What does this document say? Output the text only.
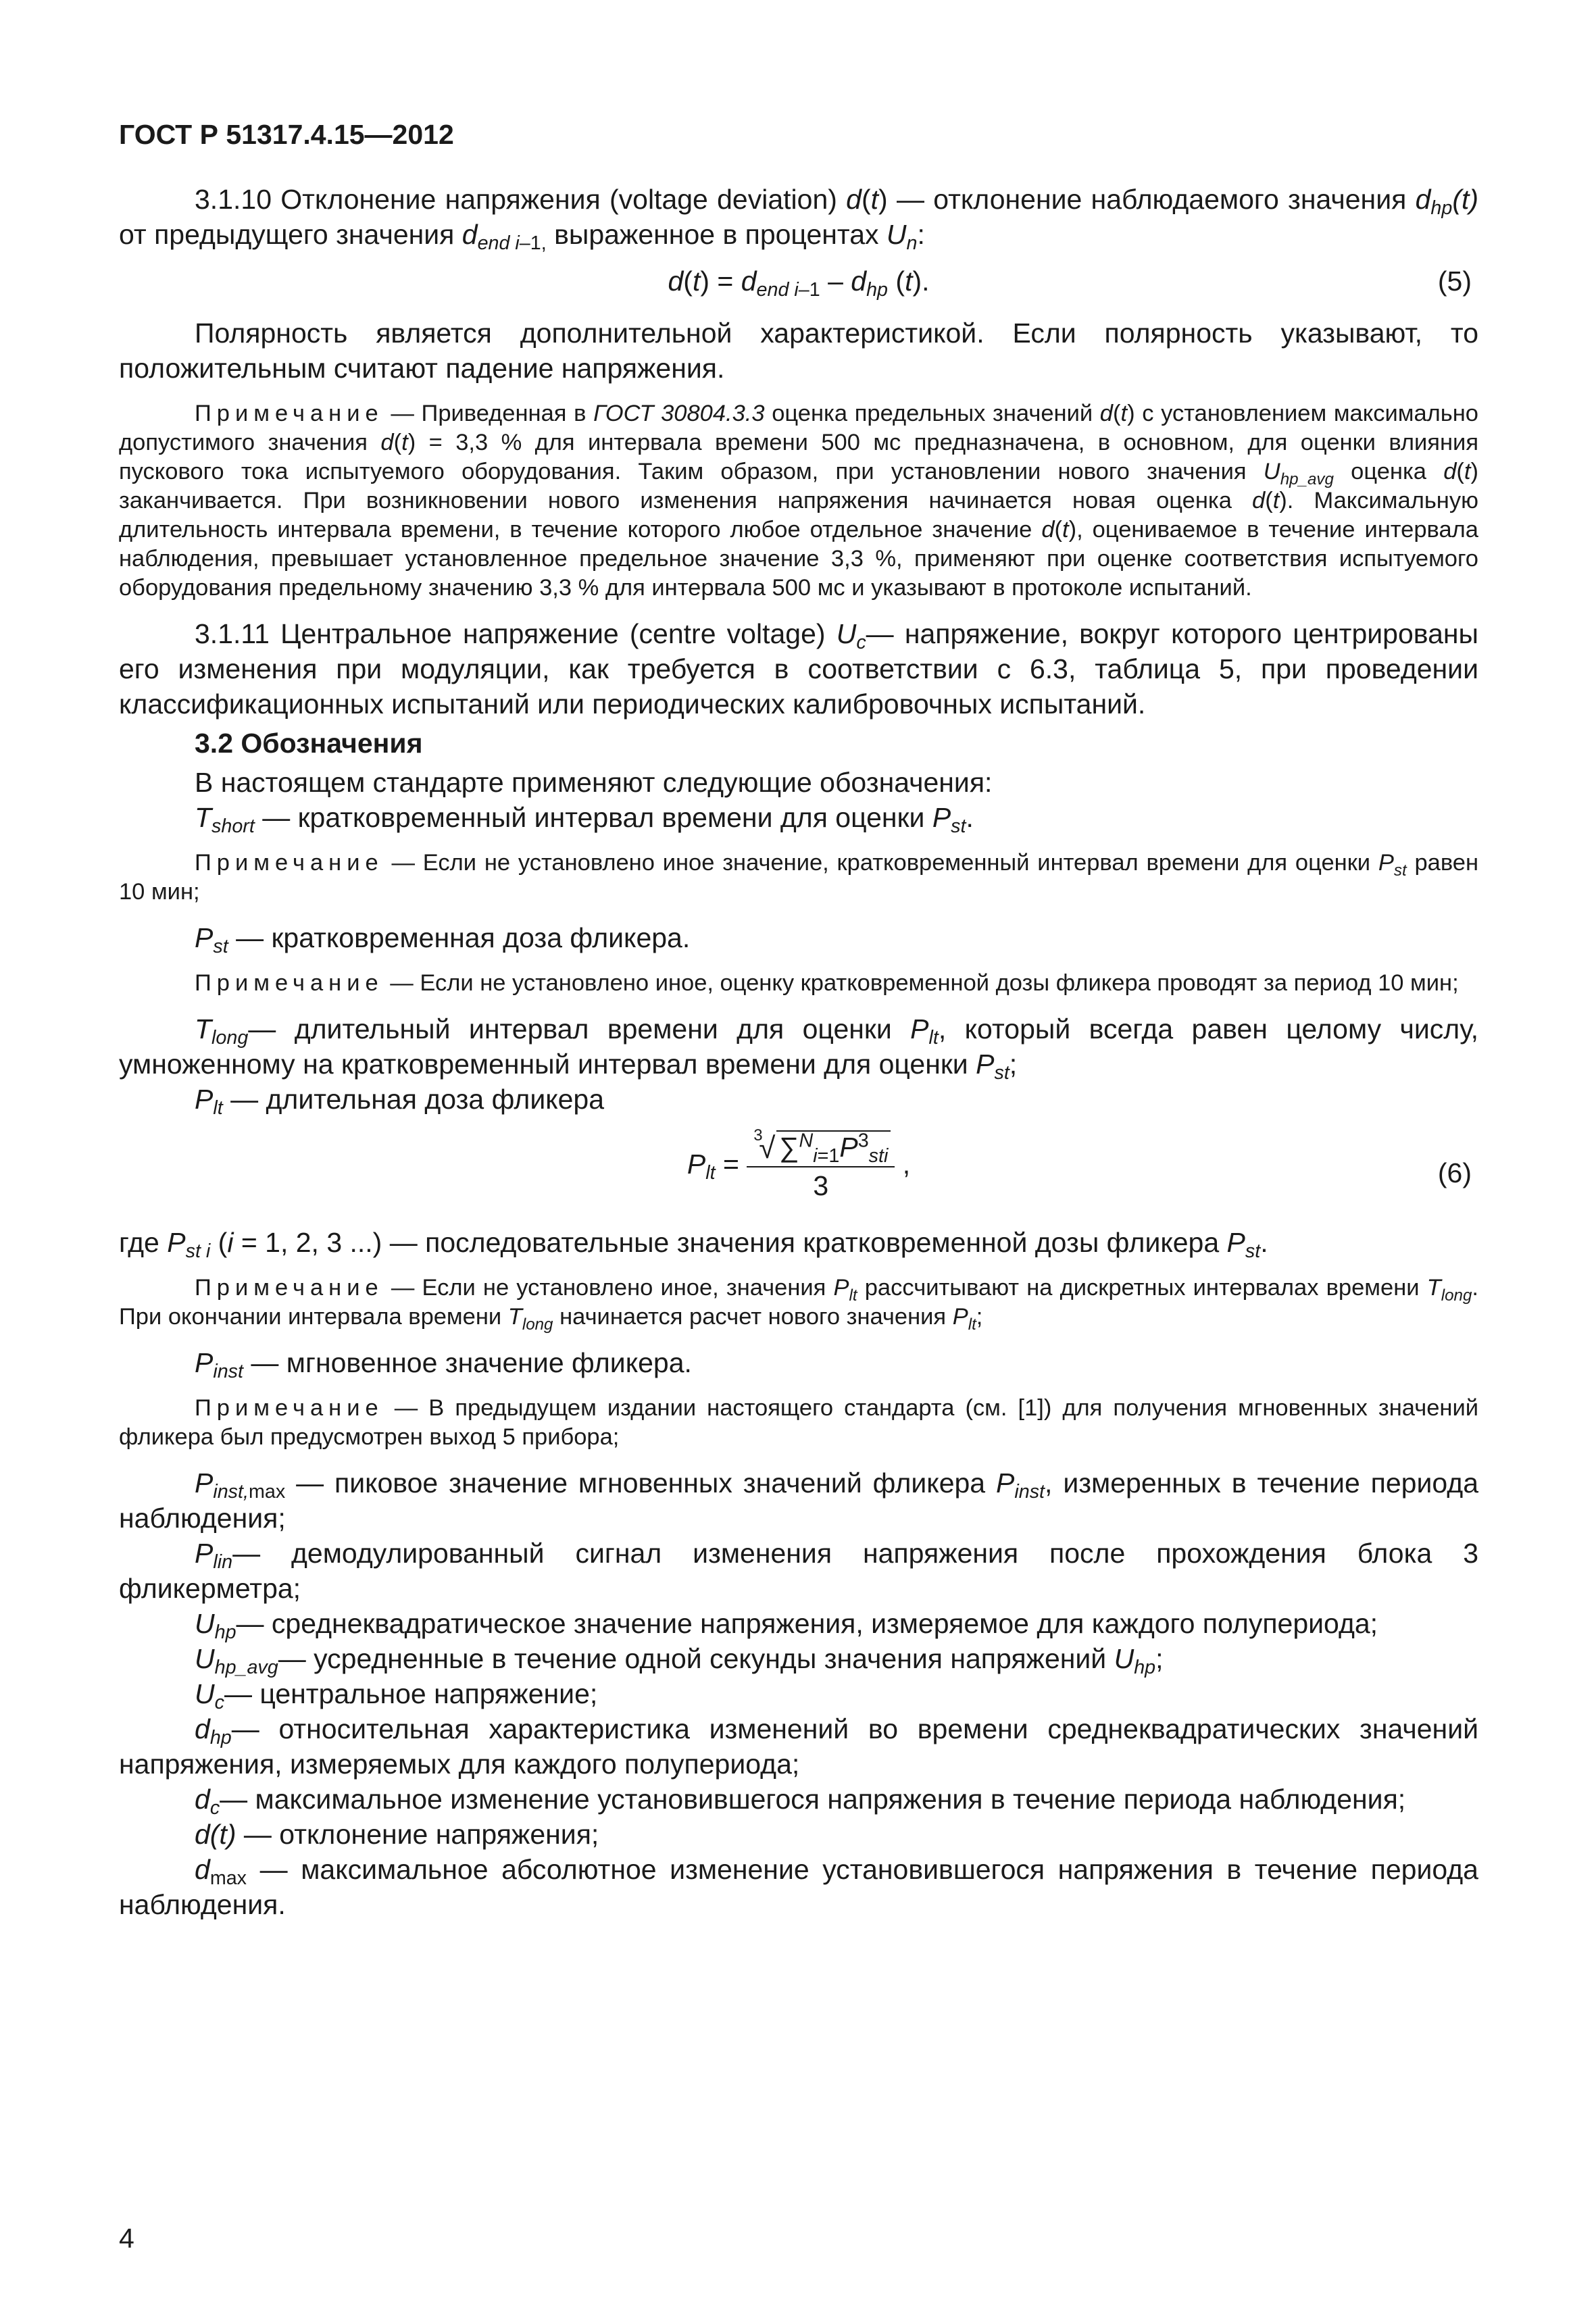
ГОСТ Р 51317.4.15—2012

3.1.10 Отклонение напряжения (voltage deviation) d(t) — отклонение наблюдаемого значения $d_{hp}(t)$ от предыдущего значения $d_{end i-1,}$ выраженное в процентах $U_n$:

$d(t) = d_{end i-1} - d_{hp}$ (t).	(5)

Полярность является дополнительной характеристикой. Если полярность указывают, то положительным считают падение напряжения.

Примечание — Приведенная в ГОСТ 30804.3.3 оценка предельных значений d(t) с установлением максимально допустимого значения d(t) = 3,3 % для интервала времени 500 мс предназначена, в основном, для оценки влияния пускового тока испытуемого оборудования. Таким образом, при установлении нового значения $U_{hp\_avg}$ оценка d(t) заканчивается. При возникновении нового изменения напряжения начинается новая оценка d(t). Максимальную длительность интервала времени, в течение которого любое отдельное значение d(t), оцениваемое в течение интервала наблюдения, превышает установленное предельное значение 3,3 %, применяют при оценке соответствия испытуемого оборудования предельному значению 3,3 % для интервала 500 мс и указывают в протоколе испытаний.

3.1.11 Центральное напряжение (centre voltage) $U_c—$ напряжение, вокруг которого центрированы его изменения при модуляции, как требуется в соответствии с 6.3, таблица 5, при проведении классификационных испытаний или периодических калибровочных испытаний.

3.2 Обозначения

В настоящем стандарте применяют следующие обозначения:

$T_{short}$ — кратковременный интервал времени для оценки $P_{st}$.

Примечание — Если не установлено иное значение, кратковременный интервал времени для оценки $P_{st}$ равен 10 мин;

$P_{st}$ — кратковременная доза фликера.

Примечание — Если не установлено иное, оценку кратковременной дозы фликера проводят за период 10 мин;

$T_{long}—$ длительный интервал времени для оценки $P_{lt}$, который всегда равен целому числу, умноженному на кратковременный интервал времени для оценки $P_{st}$;

$P_{lt}$ — длительная доза фликера

$P_{lt} = 3$
√ $\sum^N_{i=1}P^3_{sti}$
3 ,	(6)

где $P_{st i}$ (i = 1, 2, 3 ...) — последовательные значения кратковременной дозы фликера $P_{st}$.

Примечание — Если не установлено иное, значения $P_{lt}$ рассчитывают на дискретных интервалах времени $T_{long}$. При окончании интервала времени $T_{long}$ начинается расчет нового значения $P_{lt}$;

$P_{inst}$ — мгновенное значение фликера.

Примечание — В предыдущем издании настоящего стандарта (см. [1]) для получения мгновенных значений фликера был предусмотрен выход 5 прибора;

$P_{inst,max}$ — пиковое значение мгновенных значений фликера $P_{inst}$, измеренных в течение периода наблюдения;

$P_{lin}—$ демодулированный сигнал изменения напряжения после прохождения блока 3 фликерметра;

$U_{hp}—$ среднеквадратическое значение напряжения, измеряемое для каждого полупериода;

$U_{hp\_avg}—$ усредненные в течение одной секунды значения напряжений $U_{hp}$;

$U_c—$ центральное напряжение;

$d_{hp}—$ относительная характеристика изменений во времени среднеквадратических значений напряжения, измеряемых для каждого полупериода;

$d_c—$ максимальное изменение установившегося напряжения в течение периода наблюдения;

d(t) — отклонение напряжения;

$d_{max}$ — максимальное абсолютное изменение установившегося напряжения в течение периода наблюдения.

4
